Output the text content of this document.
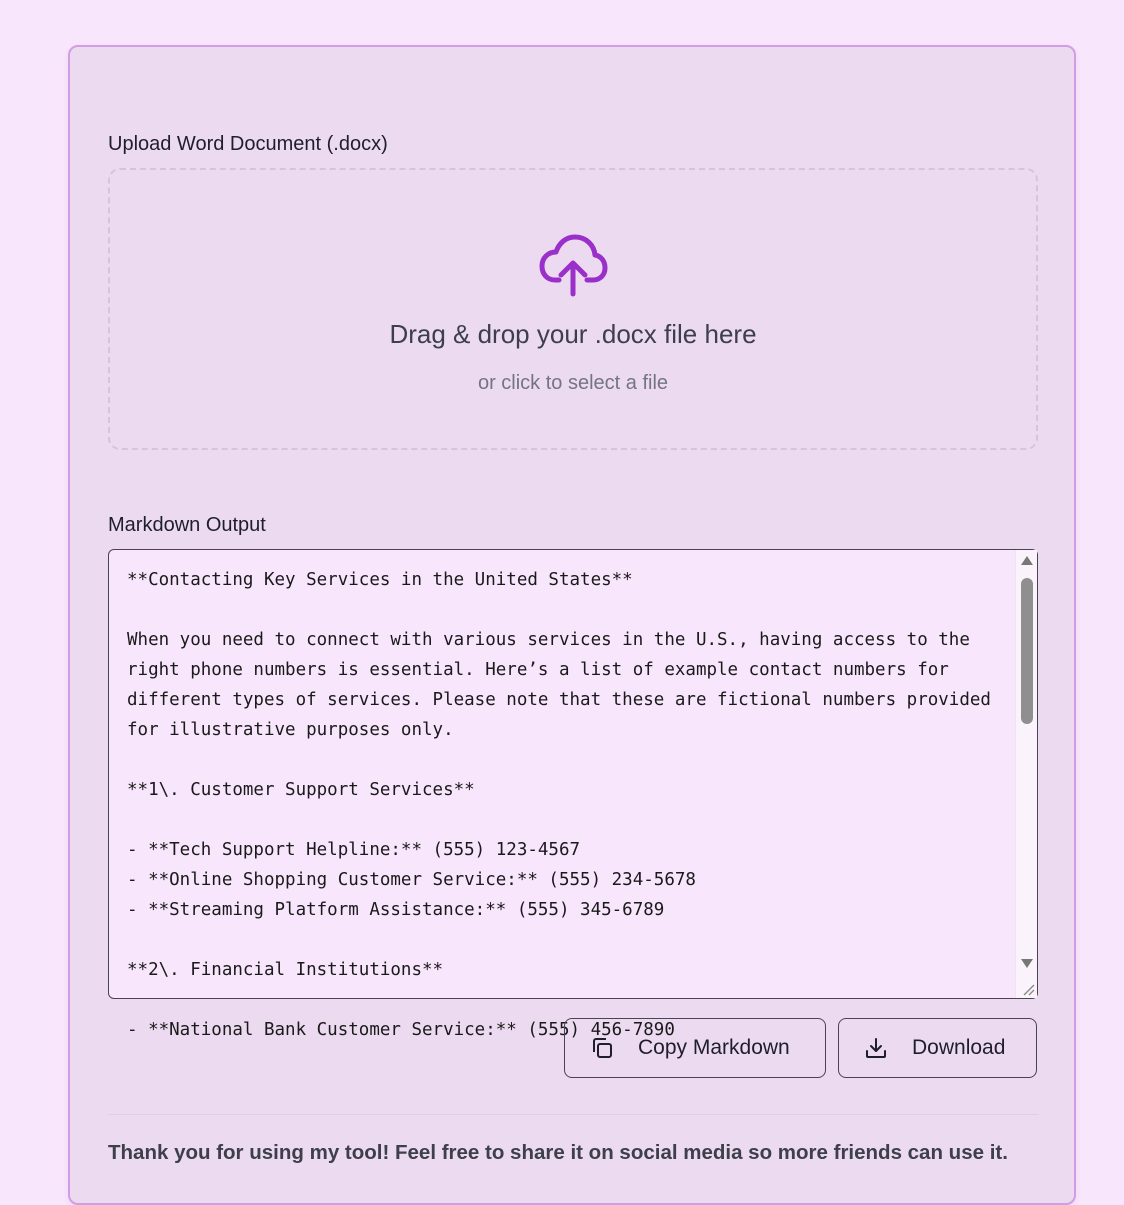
Upload Word Document (.docx)
Drag & drop your .docx file here
or click to select a file
Markdown Output
**Contacting Key Services in the United States**

When you need to connect with various services in the U.S., having access to the right phone numbers is essential. Here’s a list of example contact numbers for different types of services. Please note that these are fictional numbers provided for illustrative purposes only.

**1\. Customer Support Services**

- **Tech Support Helpline:** (555) 123-4567
- **Online Shopping Customer Service:** (555) 234-5678
- **Streaming Platform Assistance:** (555) 345-6789

**2\. Financial Institutions**

- **National Bank Customer Service:** (555) 456-7890
Copy Markdown	Download
Thank you for using my tool! Feel free to share it on social media so more friends can use it.
